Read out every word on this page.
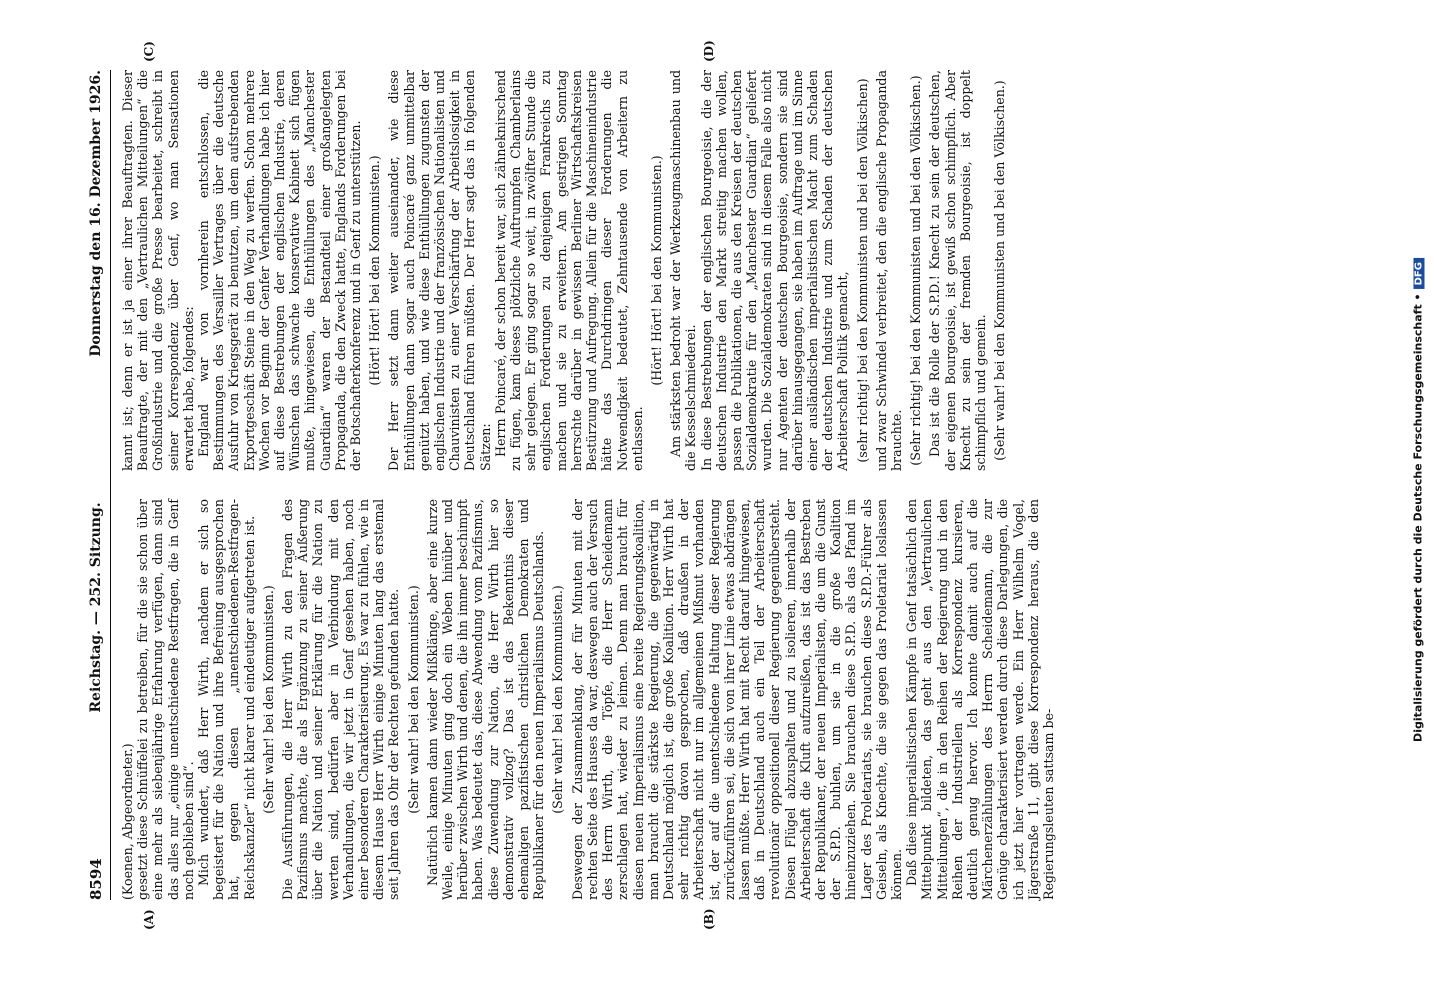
8594
Reichstag. — 252. Sitzung.
Donnerstag den 16. Dezember 1926.
(A)	(B)
(C)	(D)

(Koenen, Abgeordneter.) gesetzt diese Schnüffelei zu betreiben, für die sie schon über eine mehr als siebenjährige Erfahrung verfügen, dann sind das alles nur „einige unentschiedene Restfragen, die in Genf noch geblieben sind“. Mich wundert, daß Herr Wirth, nachdem er sich so begeistert für die Nation und ihre Befreiung ausgesprochen hat, gegen diesen „unentschiedenen-Restfragen-Reichskanzler“ nicht klarer und eindeutiger aufgetreten ist. (Sehr wahr! bei den Kommunisten.) Die Ausführungen, die Herr Wirth zu den Fragen des Pazifismus machte, die als Ergänzung zu seiner Äußerung über die Nation und seiner Erklärung für die Nation zu werten sind, bedürfen aber in Verbindung mit den Verhandlungen, die wir jetzt in Genf gesehen haben, noch einer besonderen Charakterisierung. Es war zu fühlen, wie in diesem Hause Herr Wirth einige Minuten lang das erstemal seit Jahren das Ohr der Rechten gefunden hatte. (Sehr wahr! bei den Kommunisten.) Natürlich kamen dann wieder Mißklänge, aber eine kurze Weile, einige Minuten ging doch ein Weben hinüber und herüber zwischen Wirth und denen, die ihn immer beschimpft haben. Was bedeutet das, diese Abwendung vom Pazifismus, diese Zuwendung zur Nation, die Herr Wirth hier so demonstrativ vollzog? Das ist das Bekenntnis dieser ehemaligen pazifistischen christlichen Demokraten und Republikaner für den neuen Imperialismus Deutschlands. (Sehr wahr! bei den Kommunisten.) Deswegen der Zusammenklang, der für Minuten mit der rechten Seite des Hauses da war, deswegen auch der Versuch des Herrn Wirth, die Töpfe, die Herr Scheidemann zerschlagen hat, wieder zu leimen. Denn man braucht für diesen neuen Imperialismus eine breite Regierungskoalition, man braucht die stärkste Regierung, die gegenwärtig in Deutschland möglich ist, die große Koalition. Herr Wirth hat sehr richtig davon gesprochen, daß draußen in der Arbeiterschaft nicht nur im allgemeinen Mißmut vorhanden ist, der auf die unentschiedene Haltung dieser Regierung zurückzuführen sei, die sich von ihrer Linie etwas abdrängen lassen müßte. Herr Wirth hat mit Recht darauf hingewiesen, daß in Deutschland auch ein Teil der Arbeiterschaft revolutionär oppositionell dieser Regierung gegenübersteht. Diesen Flügel abzuspalten und zu isolieren, innerhalb der Arbeiterschaft die Kluft aufzureißen, das ist das Bestreben der Republikaner, der neuen Imperialisten, die um die Gunst der S.P.D. buhlen, um sie in die große Koalition hineinzuziehen. Sie brauchen diese S.P.D. als das Pfand im Lager des Proletariats, sie brauchen diese S.P.D.-Führer als Geiseln, als Knechte, die sie gegen das Proletariat loslassen können. Daß diese imperialistischen Kämpfe in Genf tatsächlich den Mittelpunkt bildeten, das geht aus den „Vertraulichen Mitteilungen“, die in den Reihen der Regierung und in den Reihen der Industriellen als Korrespondenz kursieren, deutlich genug hervor. Ich konnte damit auch auf die Märchenerzählungen des Herrn Scheidemann, die zur Genüge charakterisiert werden durch diese Darlegungen, die ich jetzt hier vortragen werde. Ein Herr Wilhelm Vogel, Jägerstraße 11, gibt diese Korrespondenz heraus, die den Regierungsleuten sattsam be-

kannt ist; denn er ist ja einer ihrer Beauftragten. Dieser Beauftragte, der mit den „Vertraulichen Mitteilungen“ die Großindustrie und die große Presse bearbeitet, schreibt in seiner Korrespondenz über Genf, wo man Sensationen erwartet habe, folgendes: England war von vornherein entschlossen, die Bestimmungen des Versailler Vertrages über die deutsche Ausfuhr von Kriegsgerät zu benutzen, um dem aufstrebenden Exportgeschäft Steine in den Weg zu werfen. Schon mehrere Wochen vor Beginn der Genfer Verhandlungen habe ich hier auf diese Bestrebungen der englischen Industrie, deren Wünschen das schwache konservative Kabinett sich fügen mußte, hingewiesen, die Enthüllungen des „Manchester Guardian“ waren der Bestandteil einer großangelegten Propaganda, die den Zweck hatte, Englands Forderungen bei der Botschafterkonferenz und in Genf zu unterstützen. (Hört! Hört! bei den Kommunisten.) Der Herr setzt dann weiter auseinander, wie diese Enthüllungen dann sogar auch Poincaré ganz unmittelbar genützt haben, und wie diese Enthüllungen zugunsten der englischen Industrie und der französischen Nationalisten und Chauvinisten zu einer Verschärfung der Arbeitslosigkeit in Deutschland führen müßten. Der Herr sagt das in folgenden Sätzen: Herrn Poincaré, der schon bereit war, sich zähneknirschend zu fügen, kam dieses plötzliche Auftrumpfen Chamberlains sehr gelegen. Er ging sogar so weit, in zwölfter Stunde die englischen Forderungen zu denjenigen Frankreichs zu machen und sie zu erweitern. Am gestrigen Sonntag herrschte darüber in gewissen Berliner Wirtschaftskreisen Bestürzung und Aufregung. Allein für die Maschinenindustrie hätte das Durchdringen dieser Forderungen die Notwendigkeit bedeutet, Zehntausende von Arbeitern zu entlassen.

(Hört! Hört! bei den Kommunisten.) Am stärksten bedroht war der Werkzeugmaschinenbau und die Kesselschmiederei. In diese Bestrebungen der englischen Bourgeoisie, die der deutschen Industrie den Markt streitig machen wollen, passen die Publikationen, die aus den Kreisen der deutschen Sozialdemokratie für den „Manchester Guardian“ geliefert wurden. Die Sozialdemokraten sind in diesem Falle also nicht nur Agenten der deutschen Bourgeoisie, sondern sie sind darüber hinausgegangen, sie haben im Auftrage und im Sinne einer ausländischen imperialistischen Macht zum Schaden der deutschen Industrie und zum Schaden der deutschen Arbeiterschaft Politik gemacht, (sehr richtig! bei den Kommunisten und bei den Völkischen) und zwar Schwindel verbreitet, den die englische Propaganda brauchte. (Sehr richtig! bei den Kommunisten und bei den Völkischen.) Das ist die Rolle der S.P.D.! Knecht zu sein der deutschen, der eigenen Bourgeoisie, ist gewiß schon schimpflich. Aber Knecht zu sein der fremden Bourgeoisie, ist doppelt schimpflich und gemein. (Sehr wahr! bei den Kommunisten und bei den Völkischen.)

Digitalisierung gefördert durch die Deutsche Forschungsgemeinschaft •DFG
